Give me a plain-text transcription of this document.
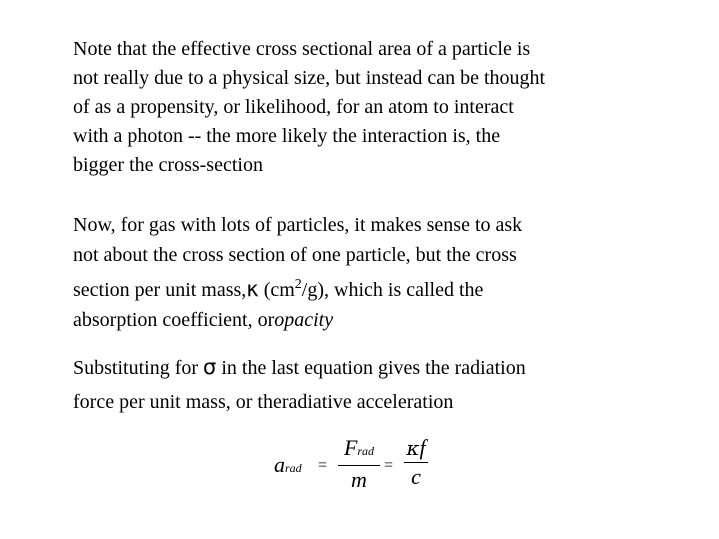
Note that the effective cross sectional area of a particle is
not really due to a physical size, but instead can be thought
of as a propensity, or likelihood, for an atom to interact
with a photon -- the more likely the interaction is, the
bigger the cross-section
Now, for gas with lots of particles, it makes sense to ask
not about the cross section of one particle, but the cross
section per unit mass,κ $(cm^2/g)$, which is called the
absorption coefficient, oropacity
Substituting for σ in the last equation gives the radiation
force per unit mass, or theradiative acceleration
arad =
Frad
m
=
κf
c
